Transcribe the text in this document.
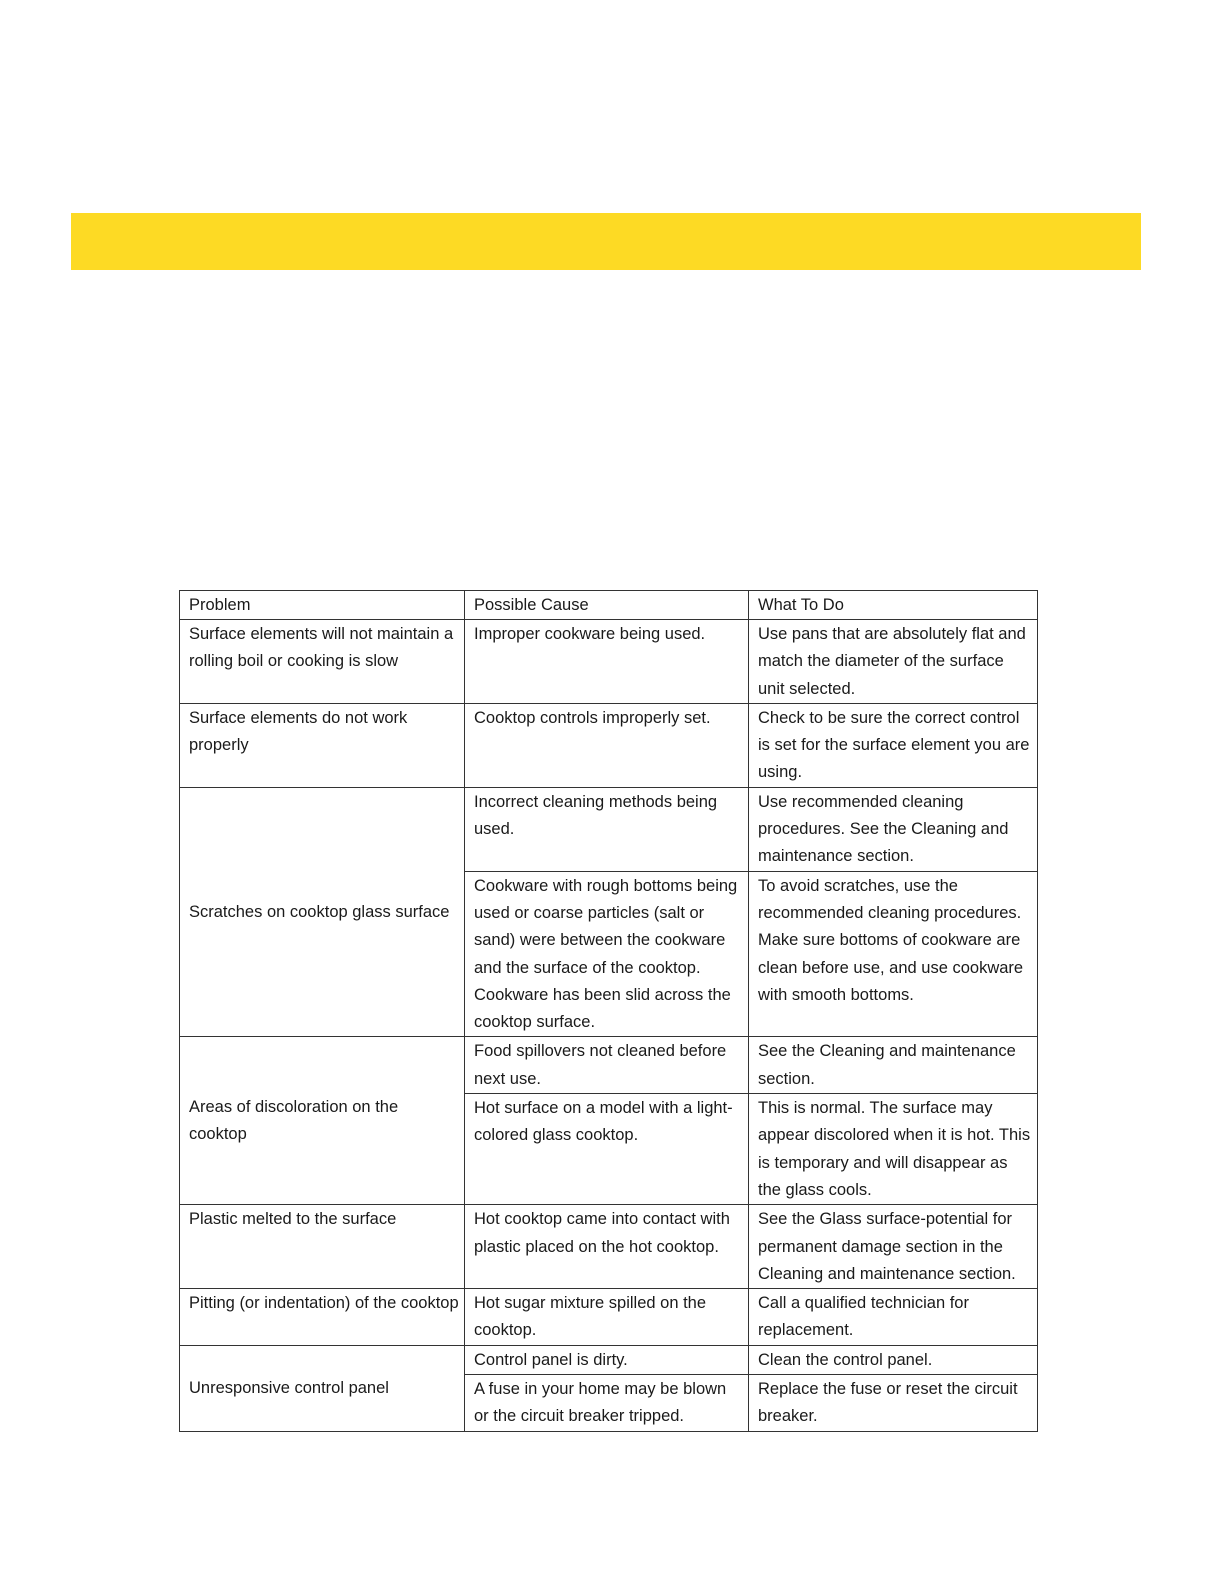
Problem	Possible Cause	What To Do
Surface elements will not maintain a rolling boil or cooking is slow	Improper cookware being used.	Use pans that are absolutely flat and match the diameter of the surface unit selected.
Surface elements do not work properly	Cooktop controls improperly set.	Check to be sure the correct control is set for the surface element you are using.
Scratches on cooktop glass surface	Incorrect cleaning methods being used.	Use recommended cleaning procedures. See the Cleaning and maintenance section.
	Cookware with rough bottoms being used or coarse particles (salt or sand) were between the cookware and the surface of the cooktop. Cookware has been slid across the cooktop surface.	To avoid scratches, use the recommended cleaning procedures. Make sure bottoms of cookware are clean before use, and use cookware with smooth bottoms.
Areas of discoloration on the cooktop	Food spillovers not cleaned before next use.	See the Cleaning and maintenance section.
	Hot surface on a model with a light-colored glass cooktop.	This is normal. The surface may appear discolored when it is hot. This is temporary and will disappear as the glass cools.
Plastic melted to the surface	Hot cooktop came into contact with plastic placed on the hot cooktop.	See the Glass surface-potential for permanent damage section in the Cleaning and maintenance section.
Pitting (or indentation) of the cooktop	Hot sugar mixture spilled on the cooktop.	Call a qualified technician for replacement.
Unresponsive control panel	Control panel is dirty.	Clean the control panel.
	A fuse in your home may be blown or the circuit breaker tripped.	Replace the fuse or reset the circuit breaker.
